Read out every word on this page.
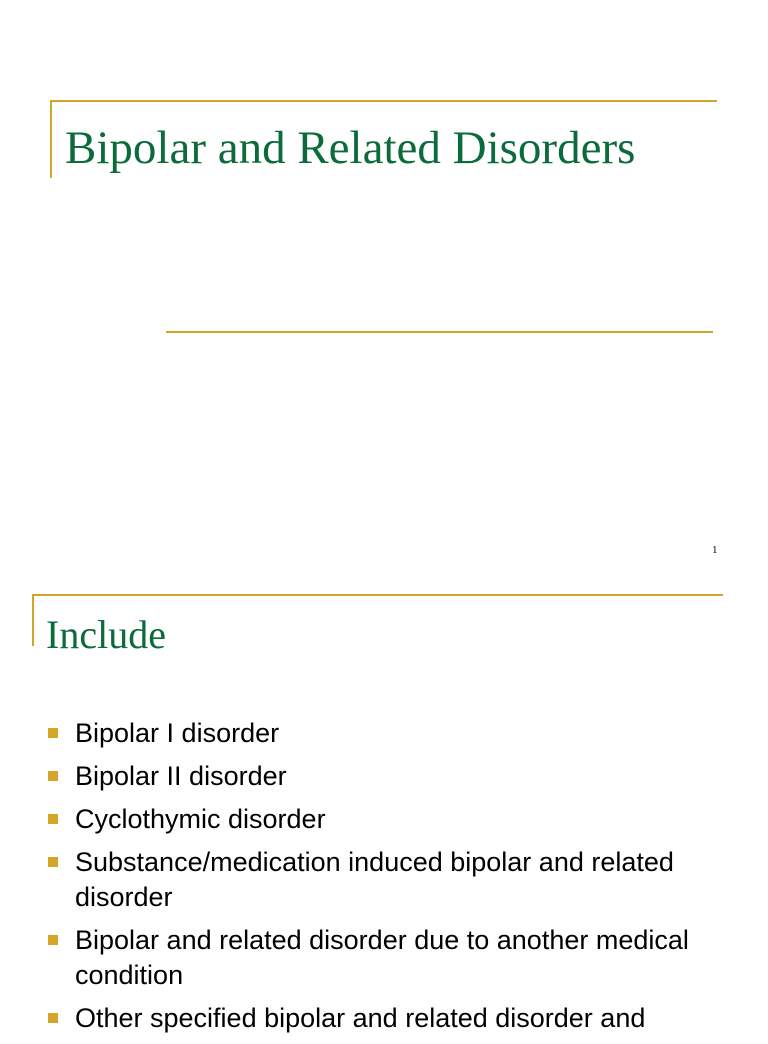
Bipolar and Related Disorders
1
Include
Bipolar I disorder
Bipolar II disorder
Cyclothymic disorder
Substance/medication induced bipolar and related disorder
Bipolar and related disorder due to another medical condition
Other specified bipolar and related disorder and
